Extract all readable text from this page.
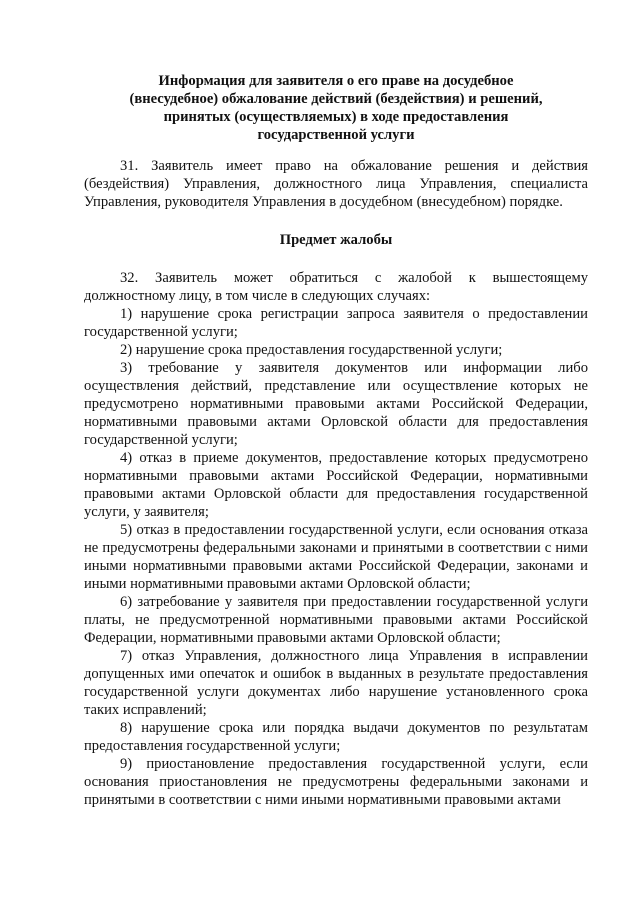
Информация для заявителя о его праве на досудебное
(внесудебное) обжалование действий (бездействия) и решений,
принятых (осуществляемых) в ходе предоставления
государственной услуги

31. Заявитель имеет право на обжалование решения и действия (бездействия) Управления, должностного лица Управления, специалиста Управления, руководителя Управления в досудебном (внесудебном) порядке.

Предмет жалобы

32. Заявитель может обратиться с жалобой к вышестоящему должностному лицу, в том числе в следующих случаях:

1) нарушение срока регистрации запроса заявителя о предоставлении государственной услуги;

2) нарушение срока предоставления государственной услуги;

3) требование у заявителя документов или информации либо осуществления действий, представление или осуществление которых не предусмотрено нормативными правовыми актами Российской Федерации, нормативными правовыми актами Орловской области для предоставления государственной услуги;

4) отказ в приеме документов, предоставление которых предусмотрено нормативными правовыми актами Российской Федерации, нормативными правовыми актами Орловской области для предоставления государственной услуги, у заявителя;

5) отказ в предоставлении государственной услуги, если основания отказа не предусмотрены федеральными законами и принятыми в соответствии с ними иными нормативными правовыми актами Российской Федерации, законами и иными нормативными правовыми актами Орловской области;

6) затребование у заявителя при предоставлении государственной услуги платы, не предусмотренной нормативными правовыми актами Российской Федерации, нормативными правовыми актами Орловской области;

7) отказ Управления, должностного лица Управления в исправлении допущенных ими опечаток и ошибок в выданных в результате предоставления государственной услуги документах либо нарушение установленного срока таких исправлений;

8) нарушение срока или порядка выдачи документов по результатам предоставления государственной услуги;

9) приостановление предоставления государственной услуги, если основания приостановления не предусмотрены федеральными законами и принятыми в соответствии с ними иными нормативными правовыми актами
